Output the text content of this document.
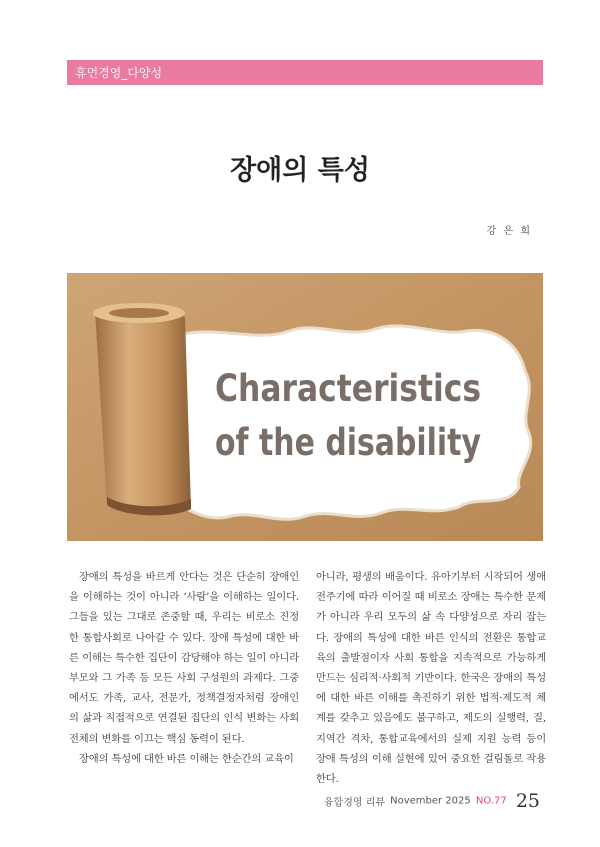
휴먼경영_다양성
장애의 특성
강 은 희
Characteristics
of the disability

장애의 특성을 바르게 안다는 것은 단순히 장애인을 이해하는 것이 아니라 ‘사람’을 이해하는 일이다. 그들을 있는 그대로 존중할 때, 우리는 비로소 진정한 통합사회로 나아갈 수 있다. 장애 특성에 대한 바른 이해는 특수한 집단이 감당해야 하는 일이 아니라 부모와 그 가족 등 모든 사회 구성원의 과제다. 그중에서도 가족, 교사, 전문가, 정책결정자처럼 장애인의 삶과 직접적으로 연결된 집단의 인식 변화는 사회 전체의 변화를 이끄는 핵심 동력이 된다.

장애의 특성에 대한 바른 이해는 한순간의 교육이

아니라, 평생의 배움이다. 유아기부터 시작되어 생애전주기에 따라 이어질 때 비로소 장애는 특수한 문제가 아니라 우리 모두의 삶 속 다양성으로 자리 잡는다. 장애의 특성에 대한 바른 인식의 전환은 통합교육의 출발점이자 사회 통합을 지속적으로 가능하게 만드는 심리적·사회적 기반이다. 한국은 장애의 특성에 대한 바른 이해를 촉진하기 위한 법적·제도적 체계를 갖추고 있음에도 불구하고, 제도의 실행력, 질, 지역간 격차, 통합교육에서의 실제 지원 능력 등이 장애 특성의 이해 실현에 있어 중요한 걸림돌로 작용한다.

융합경영 리뷰 November 2025 NO.77 25
